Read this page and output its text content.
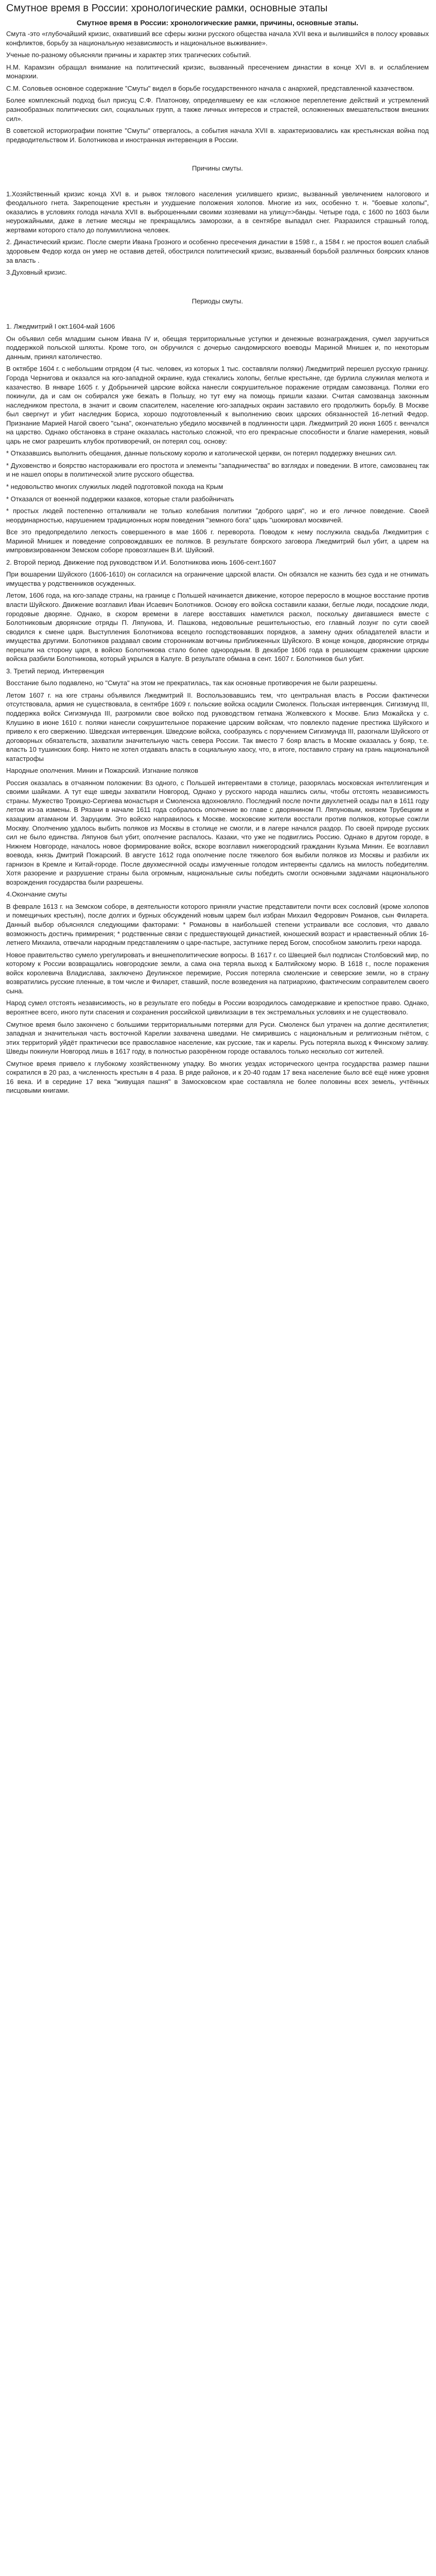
Смутное время в России: хронологические рамки, основные этапы
Смутное время в России: хронологические рамки, причины, основные этапы.

Смута -это «глубочайший кризис, охвативший все сферы жизни русского общества начала XVII века и вылившийся в полосу кровавых конфликтов, борьбу за национальную независимость и национальное выживание».

Ученые по-разному объясняли причины и характер этих трагических событий.

Н.М. Карамзин обращал внимание на политический кризис, вызванный пресечением династии в конце XVI в. и ослаблением монархии.

С.М. Соловьев основное содержание "Смуты" видел в борьбе государственного начала с анархией, представленной казачеством.

Более комплексный подход был присущ С.Ф. Платонову, определявшему ее как «сложное переплетение действий и устремлений разнообразных политических сил, социальных групп, а также личных интересов и страстей, осложненных вмешательством внешних сил».

В советской историографии понятие "Смуты" отвергалось, а события начала XVII в. характеризовались как крестьянская война под предводительством И. Болотникова и иностранная интервенция в России.

Причины смуты.

1.Хозяйственный кризис конца XVI в. и рывок тяглового населения усилившего кризис, вызванный увеличением налогового и феодального гнета. Закрепощение крестьян и ухудшение положения холопов. Многие из них, особенно т. н. "боевые холопы", оказались в условиях голода начала XVII в. выброшенными своими хозяевами на улицу=>банды. Четыре года, с 1600 по 1603 были неурожайными, даже в летние месяцы не прекращались заморозки, а в сентябре выпадал снег. Разразился страшный голод, жертвами которого стало до полумиллиона человек.

2. Династический кризис. После смерти Ивана Грозного и особенно пресечения династии в 1598 г., а 1584 г. не простоя вошел слабый здоровьем Федор когда он умер не оставив детей, обострился политический кризис, вызванный борьбой различных боярских кланов за власть .

3.Духовный кризис.

Периоды смуты.

1. Лжедмитрий I окт.1604-май 1606

Он объявил себя младшим сыном Ивана IV и, обещая территориальные уступки и денежные вознаграждения, сумел заручиться поддержкой польской шляхты. Кроме того, он обручился с дочерью сандомирского воеводы Мариной Мнишек и, по некоторым данным, принял католичество.

В октябре 1604 г. с небольшим отрядом (4 тыс. человек, из которых 1 тыс. составляли поляки) Лжедмитрий перешел русскую границу. Города Чернигова и оказался на юго-западной окраине, куда стекались холопы, беглые крестьяне, где бурлила служилая мелкота и казачество. В январе 1605 г. у Добрыничей царские войска нанесли сокрушительное поражение отрядам самозванца. Поляки его покинули, да и сам он собирался уже бежать в Польшу, но тут ему на помощь пришли казаки. Считая самозванца законным наследником престола, в значит и своим спасителем, население юго-западных окраин заставило его продолжить борьбу. В Москве был свергнут и убит наследник Бориса, хорошо подготовленный к выполнению своих царских обязанностей 16-летний Федор. Признание Марией Нагой своего "сына", окончательно убедило москвичей в подлинности царя. Лжедмитрий 20 июня 1605 г. венчался на царство. Однако обстановка в стране оказалась настолько сложной, что его прекрасные способности и благие намерения, новый царь не смог разрешить клубок противоречий, он потерял соц. основу:

* Отказавшись выполнить обещания, данные польскому королю и католической церкви, он потерял поддержку внешних сил.

* Духовенство и боярство настораживали его простота и элементы "западничества" во взглядах и поведении. В итоге, самозванец так и не нашел опоры в политической элите русского общества.

* недовольство многих служилых людей подготовкой похода на Крым

* Отказался от военной поддержки казаков, которые стали разбойничать

* простых людей постепенно отталкивали не только колебания политики "доброго царя", но и его личное поведение. Своей неординарностью, нарушением традиционных норм поведения "земного бога" царь "шокировал москвичей.

Все это предопределило легкость совершенного в мае 1606 г. переворота. Поводом к нему послужила свадьба Лжедмитрия с Мариной Мнишек и поведение сопровождавших ее поляков. В результате боярского заговора Лжедмитрий был убит, а царем на импровизированном Земском соборе провозглашен В.И. Шуйский.

2. Второй период. Движение под руководством И.И. Болотникова июнь 1606-сент.1607

При вошарении Шуйского (1606-1610) он согласился на ограничение царской власти. Он обязался не казнить без суда и не отнимать имущества у родственников осужденных.

Летом, 1606 года, на юго-западе страны, на границе с Польшей начинается движение, которое переросло в мощное восстание против власти Шуйского. Движение возглавил Иван Исаевич Болотников. Основу его войска составили казаки, беглые люди, посадские люди, городовые дворяне. Однако, в скором времени в лагере восставших наметился раскол, поскольку двигавшиеся вместе с Болотниковым дворянские отряды П. Ляпунова, И. Пашкова, недовольные решительностью, его главный лозунг по сути своей сводился к смене царя. Выступления Болотникова всецело господствовавших порядков, а замену одних обладателей власти и имущества другими. Болотников раздавал своим сторонникам вотчины приближенных Шуйского. В конце концов, дворянские отряды перешли на сторону царя, в войско Болотникова стало более однородным. В декабре 1606 года в решающем сражении царские войска разбили Болотникова, который укрылся в Калуге. В результате обмана в сент. 1607 г. Болотников был убит.

3. Третий период. Интервенция

Восстание было подавлено, но "Смута" на этом не прекратилась, так как основные противоречия не были разрешены.

Летом 1607 г. на юге страны объявился Лжедмитрий II. Воспользовавшись тем, что центральная власть в России фактически отсутствовала, армия не существовала, в сентябре 1609 г. польские войска осадили Смоленск. Польская интервенция. Сигизмунд III, поддержка войск Сигизмунда III, разгромили свое войско под руководством гетмана Жолкевского к Москве. Близ Можайска у с. Клушино в июне 1610 г. поляки нанесли сокрушительное поражение царским войскам, что повлекло падение престижа Шуйского и привело к его свержению. Шведская интервенция. Шведские войска, сообразуясь с поручением Сигизмунда III, разогнали Шуйского от договорных обязательств, захватили значительную часть севера России. Так вместо 7 бояр власть в Москве оказалась у бояр, т.е. власть 10 тушинских бояр. Никто не хотел отдавать власть в социальную хаосу, что, в итоге, поставило страну на грань национальной катастрофы

Народные ополчения. Минин и Пожарский. Изгнание поляков

Россия оказалась в отчаянном положении: Вз одного, с Польшей интервентами в столице, разорялась московская интеллигенция и своими шайками. А тут еще шведы захватили Новгород, Однако у русского народа нашлись силы, чтобы отстоять независимость страны. Мужество Троицко-Сергиева монастыря и Смоленска вдохновляло. Последний после почти двухлетней осады пал в 1611 году летом из-за измены. В Рязани в начале 1611 года собралось ополчение во главе с дворянином П. Ляпуновым, князем Трубецким и казацким атаманом И. Заруцким. Это войско направилось к Москве. московские жители восстали против поляков, которые сожгли Москву. Ополчению удалось выбить поляков из Москвы в столице не смогли, и в лагере начался раздор. По своей природе русских сил не было единства. Ляпунов был убит, ополчение распалось. Казаки, что уже не подвиглись Россию. Однако в другом городе, в Нижнем Новгороде, началось новое формирование войск, вскоре возглавил нижегородский гражданин Кузьма Минин. Ее возглавил воевода, князь Дмитрий Пожарский. В августе 1612 года ополчение после тяжелого боя выбили поляков из Москвы и разбили их гарнизон в Кремле и Китай-городе. После двухмесячной осады измученные голодом интервенты сдались на милость победителям. Хотя разорение и разрушение страны была огромным, национальные силы победить смогли основными задачами национального возрождения государства были разрешены.

4.Окончание смуты

В феврале 1613 г. на Земском соборе, в деятельности которого приняли участие представители почти всех сословий (кроме холопов и помещичьих крестьян), после долгих и бурных обсуждений новым царем был избран Михаил Федорович Романов, сын Филарета. Данный выбор объяснялся следующими факторами: * Романовы в наибольшей степени устраивали все сословия, что давало возможность достичь примирения; * родственные связи с предшествующей династией, юношеский возраст и нравственный облик 16-летнего Михаила, отвечали народным представлениям о царе-пастыре, заступнике перед Богом, способном замолить грехи народа.

Новое правительство сумело урегулировать и внешнеполитические вопросы. В 1617 г. со Швецией был подписан Столбовский мир, по которому к России возвращались новгородские земли, а сама она теряла выход к Балтийскому морю. В 1618 г., после поражения войск королевича Владислава, заключено Деулинское перемирие, Россия потеряла смоленские и северские земли, но в страну возвратились русские пленные, в том числе и Филарет, ставший, после возведения на патриархию, фактическим соправителем своего сына.

Народ сумел отстоять независимость, но в результате его победы в России возродилось самодержавие и крепостное право. Однако, вероятнее всего, иного пути спасения и сохранения российской цивилизации в тех экстремальных условиях и не существовало.

Смутное время было закончено с большими территориальными потерями для Руси. Смоленск был утрачен на долгие десятилетия; западная и значительная часть восточной Карелии захвачена шведами. Не смирившись с национальным и религиозным гнётом, с этих территорий уйдёт практически все православное население, как русские, так и карелы. Русь потеряла выход к Финскому заливу. Шведы покинули Новгород лишь в 1617 году, в полностью разорённом городе оставалось только несколько сот жителей.

Смутное время привело к глубокому хозяйственному упадку. Во многих уездах исторического центра государства размер пашни сократился в 20 раз, а численность крестьян в 4 раза. В ряде районов, и к 20-40 годам 17 века население было всё ещё ниже уровня 16 века. И в середине 17 века "живущая пашня" в Замосковском крае составляла не более половины всех земель, учтённых писцовыми книгами.
